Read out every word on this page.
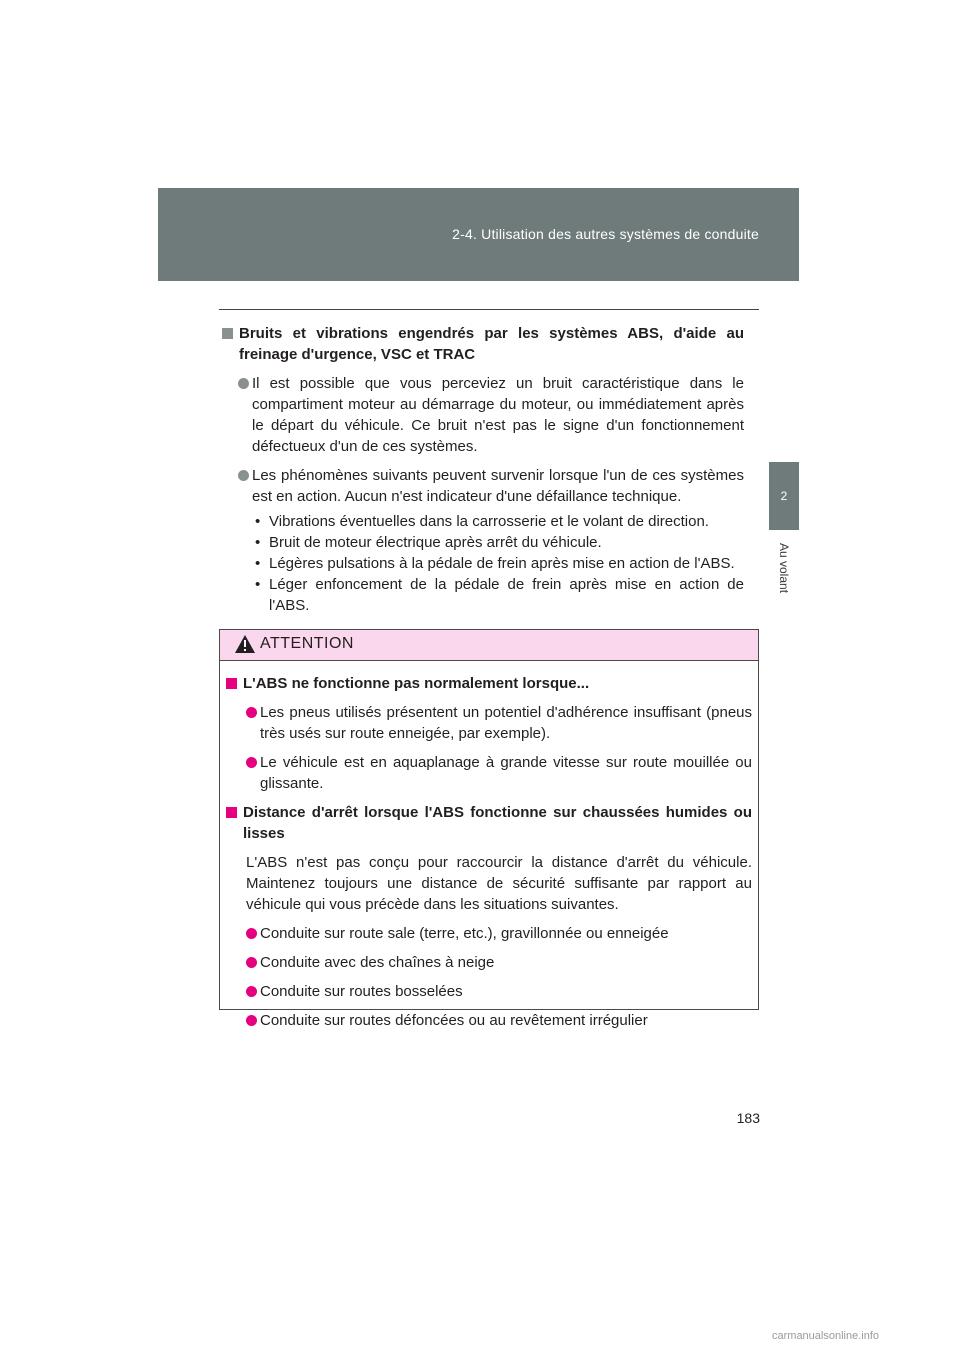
2-4. Utilisation des autres systèmes de conduite
2
Au volant
Bruits et vibrations engendrés par les systèmes ABS, d'aide au freinage d'urgence, VSC et TRAC
Il est possible que vous perceviez un bruit caractéristique dans le compartiment moteur au démarrage du moteur, ou immédiatement après le départ du véhicule. Ce bruit n'est pas le signe d'un fonctionnement défectueux d'un de ces systèmes.
Les phénomènes suivants peuvent survenir lorsque l'un de ces systèmes est en action. Aucun n'est indicateur d'une défaillance technique.
• Vibrations éventuelles dans la carrosserie et le volant de direction.
• Bruit de moteur électrique après arrêt du véhicule.
• Légères pulsations à la pédale de frein après mise en action de l'ABS.
• Léger enfoncement de la pédale de frein après mise en action de l'ABS.
ATTENTION
L'ABS ne fonctionne pas normalement lorsque...
Les pneus utilisés présentent un potentiel d'adhérence insuffisant (pneus très usés sur route enneigée, par exemple).
Le véhicule est en aquaplanage à grande vitesse sur route mouillée ou glissante.
Distance d'arrêt lorsque l'ABS fonctionne sur chaussées humides ou lisses
L'ABS n'est pas conçu pour raccourcir la distance d'arrêt du véhicule. Maintenez toujours une distance de sécurité suffisante par rapport au véhicule qui vous précède dans les situations suivantes.
Conduite sur route sale (terre, etc.), gravillonnée ou enneigée
Conduite avec des chaînes à neige
Conduite sur routes bosselées
Conduite sur routes défoncées ou au revêtement irrégulier
183
carmanualsonline.info
